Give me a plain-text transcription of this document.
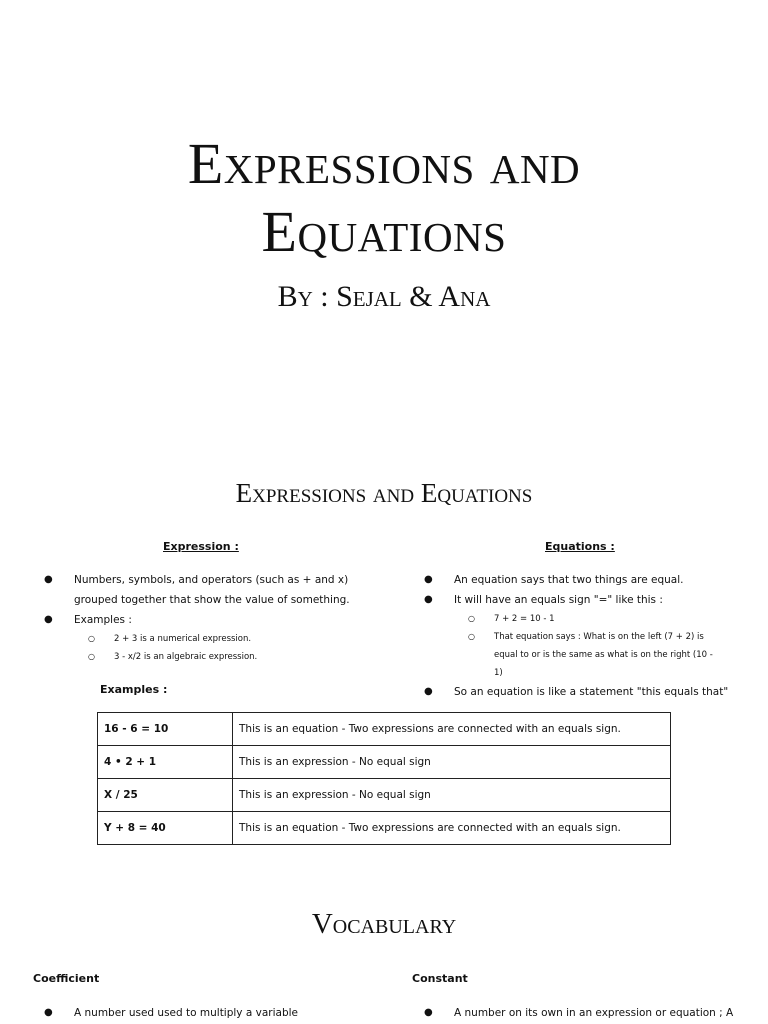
Expressions and
Equations
By : Sejal & Ana
Expressions and Equations
Expression :
● Numbers, symbols, and operators (such as + and x)
grouped together that show the value of something.
● Examples :
○ 2 + 3 is a numerical expression.
○ 3 - x/2 is an algebraic expression.
Equations :
● An equation says that two things are equal.
● It will have an equals sign "=" like this :
○ 7 + 2 = 10 - 1
○ That equation says : What is on the left (7 + 2) is
equal to or is the same as what is on the right (10 -
1)
● So an equation is like a statement "this equals that"
Examples :
16 - 6 = 10	This is an equation - Two expressions are connected with an equals sign.
4 • 2 + 1	This is an expression - No equal sign
X / 25	This is an expression - No equal sign
Y + 8 = 40	This is an equation - Two expressions are connected with an equals sign.
Vocabulary
Coefficient
● A number used used to multiply a variable
Constant
● A number on its own in an expression or equation ; A
